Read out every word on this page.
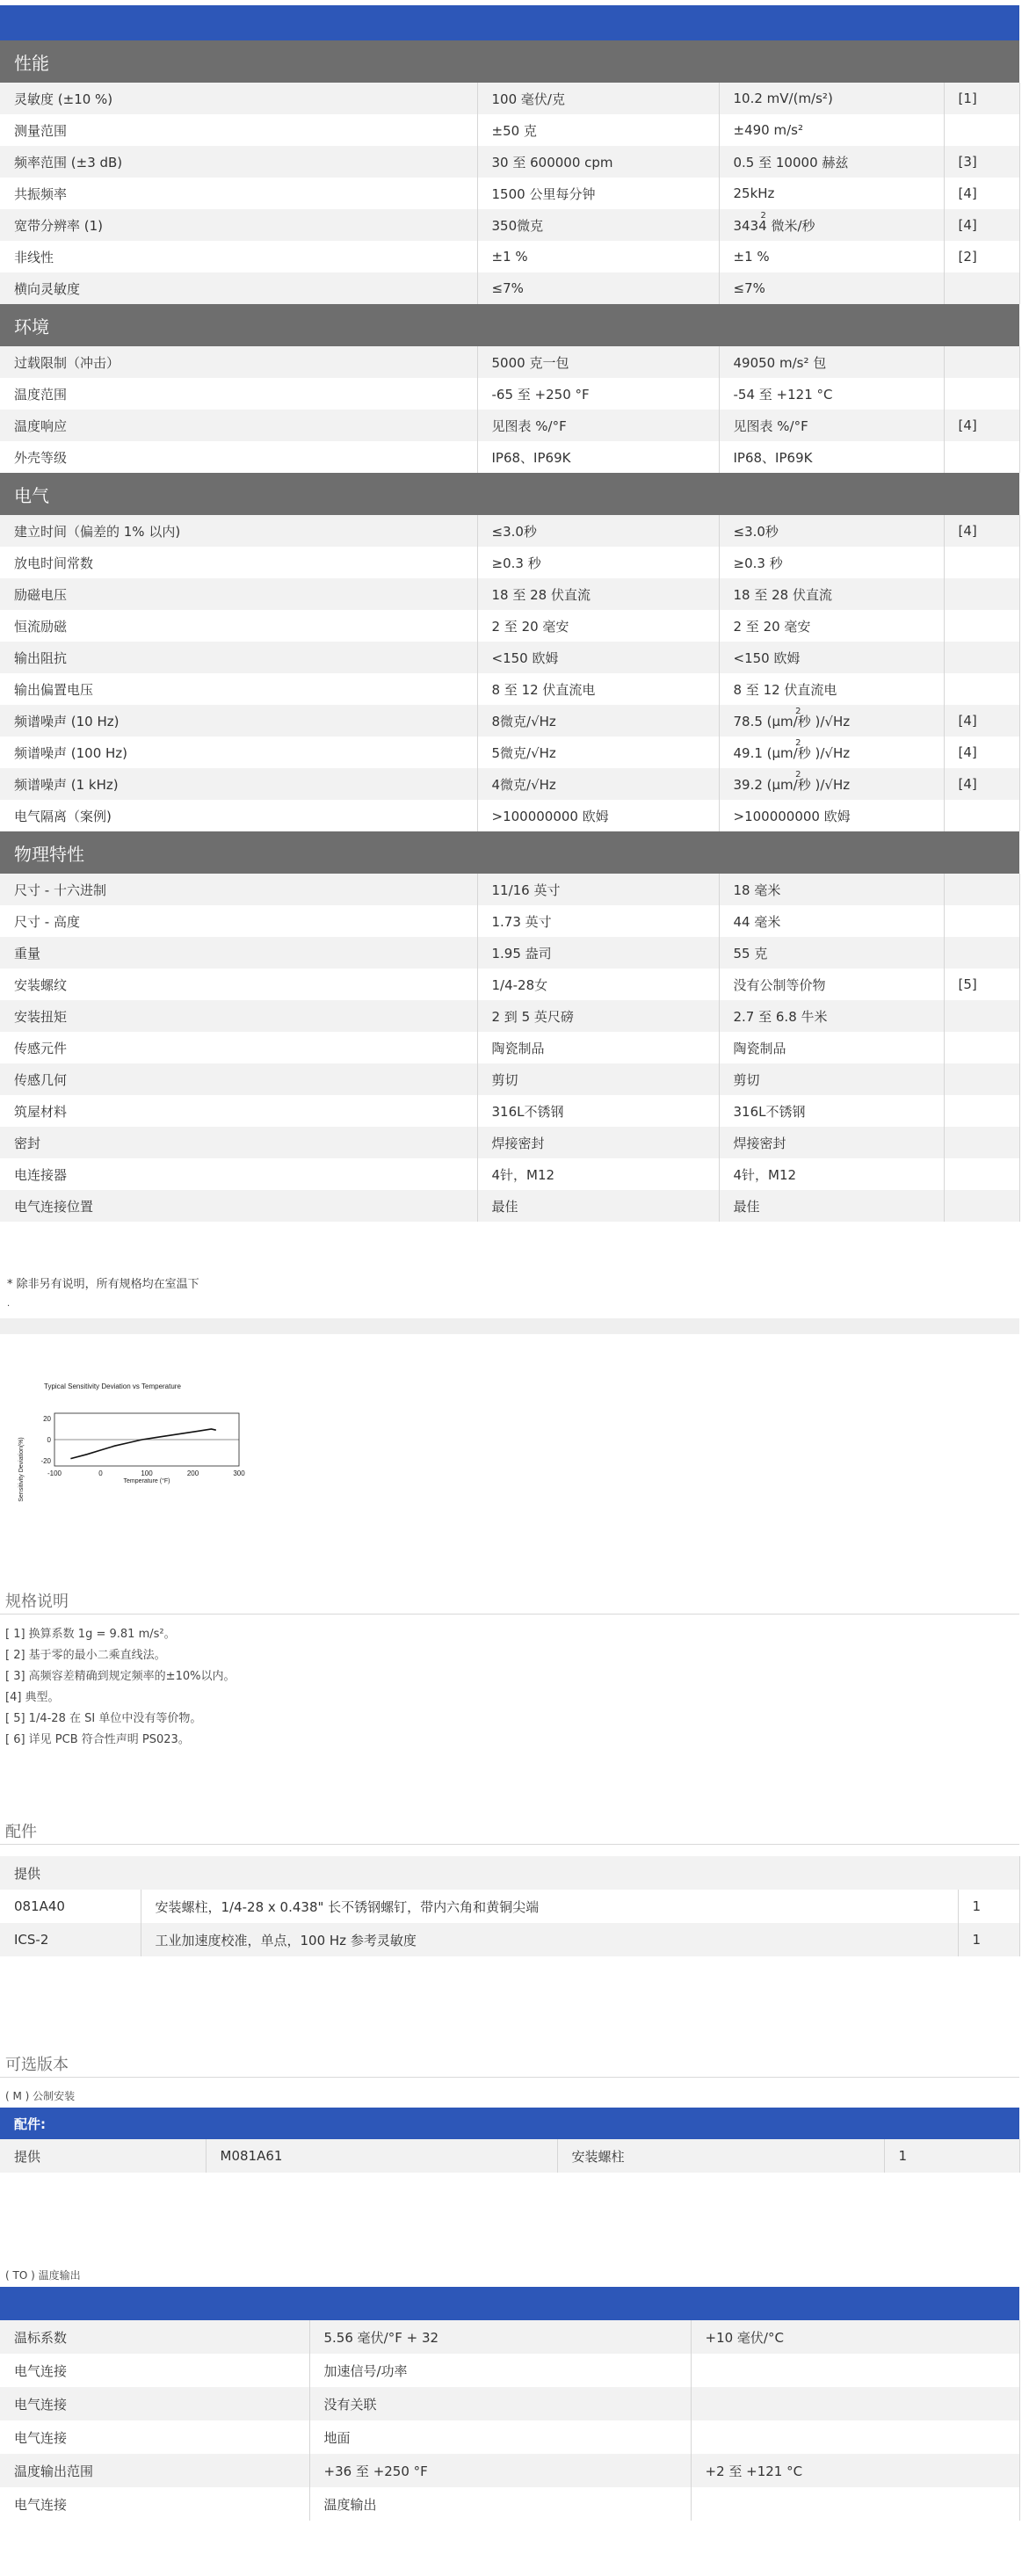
性能			
灵敏度 (±10 %)	100 毫伏/克	10.2 mV/(m/s²)	[1]
测量范围	±50 克	±490 m/s²	
频率范围 (±3 dB)	30 至 600000 cpm	0.5 至 10000 赫兹	[3]
共振频率	1500 公里每分钟	25kHz	[4]
宽带分辨率 (1)	350微克	3434 微米/秒$^2$	[4]
非线性	±1 %	±1 %	[2]
横向灵敏度	≤7%	≤7%	
环境			
过载限制（冲击）	5000 克一包	49050 m/s² 包	
温度范围	-65 至 +250 °F	-54 至 +121 °C	
温度响应	见图表 %/°F	见图表 %/°F	[4]
外壳等级	IP68、IP69K	IP68、IP69K	
电气			
建立时间（偏差的 1% 以内)	≤3.0秒	≤3.0秒	[4]
放电时间常数	≥0.3 秒	≥0.3 秒	
励磁电压	18 至 28 伏直流	18 至 28 伏直流	
恒流励磁	2 至 20 毫安	2 至 20 毫安	
输出阻抗	<150 欧姆	<150 欧姆	
输出偏置电压	8 至 12 伏直流电	8 至 12 伏直流电	
频谱噪声 (10 Hz)	8微克/√Hz	78.5 (μm/秒 )/√Hz$^2$	[4]
频谱噪声 (100 Hz)	5微克/√Hz	49.1 (μm/秒 )/√Hz$^2$	[4]
频谱噪声 (1 kHz)	4微克/√Hz	39.2 (μm/秒 )/√Hz$^2$	[4]
电气隔离（案例)	>100000000 欧姆	>100000000 欧姆	
物理特性			
尺寸 - 十六进制	11/16 英寸	18 毫米	
尺寸 - 高度	1.73 英寸	44 毫米	
重量	1.95 盎司	55 克	
安装螺纹	1/4-28女	没有公制等价物	[5]
安装扭矩	2 到 5 英尺磅	2.7 至 6.8 牛米	
传感元件	陶瓷制品	陶瓷制品	
传感几何	剪切	剪切	
筑屋材料	316L不锈钢	316L不锈钢	
密封	焊接密封	焊接密封	
电连接器	4针，M12	4针，M12	
电气连接位置	最佳	最佳	
* 除非另有说明，所有规格均在室温下
.
Typical Sensitivity Deviation vs Temperature
Sensitivity Deviation(%)	Temperature (°F)
-100	0	100	200	300
20
0
-20
规格说明
[ 1] 换算系数 1g = 9.81 m/s²。
[ 2] 基于零的最小二乘直线法。
[ 3] 高频容差精确到规定频率的±10%以内。
[4] 典型。
[ 5] 1/4-28 在 SI 单位中没有等价物。
[ 6] 详见 PCB 符合性声明 PS023。
配件
提供		
081A40	安装螺柱，1/4-28 x 0.438" 长不锈钢螺钉，带内六角和黄铜尖端	1
ICS-2	工业加速度校准，单点，100 Hz 参考灵敏度	1
可选版本
( M ) 公制安装
配件:
提供	M081A61	安装螺柱	1
( TO ) 温度输出
温标系数	5.56 毫伏/°F + 32	+10 毫伏/°C
电气连接	加速信号/功率	
电气连接	没有关联	
电气连接	地面	
温度输出范围	+36 至 +250 °F	+2 至 +121 °C
电气连接	温度输出	
